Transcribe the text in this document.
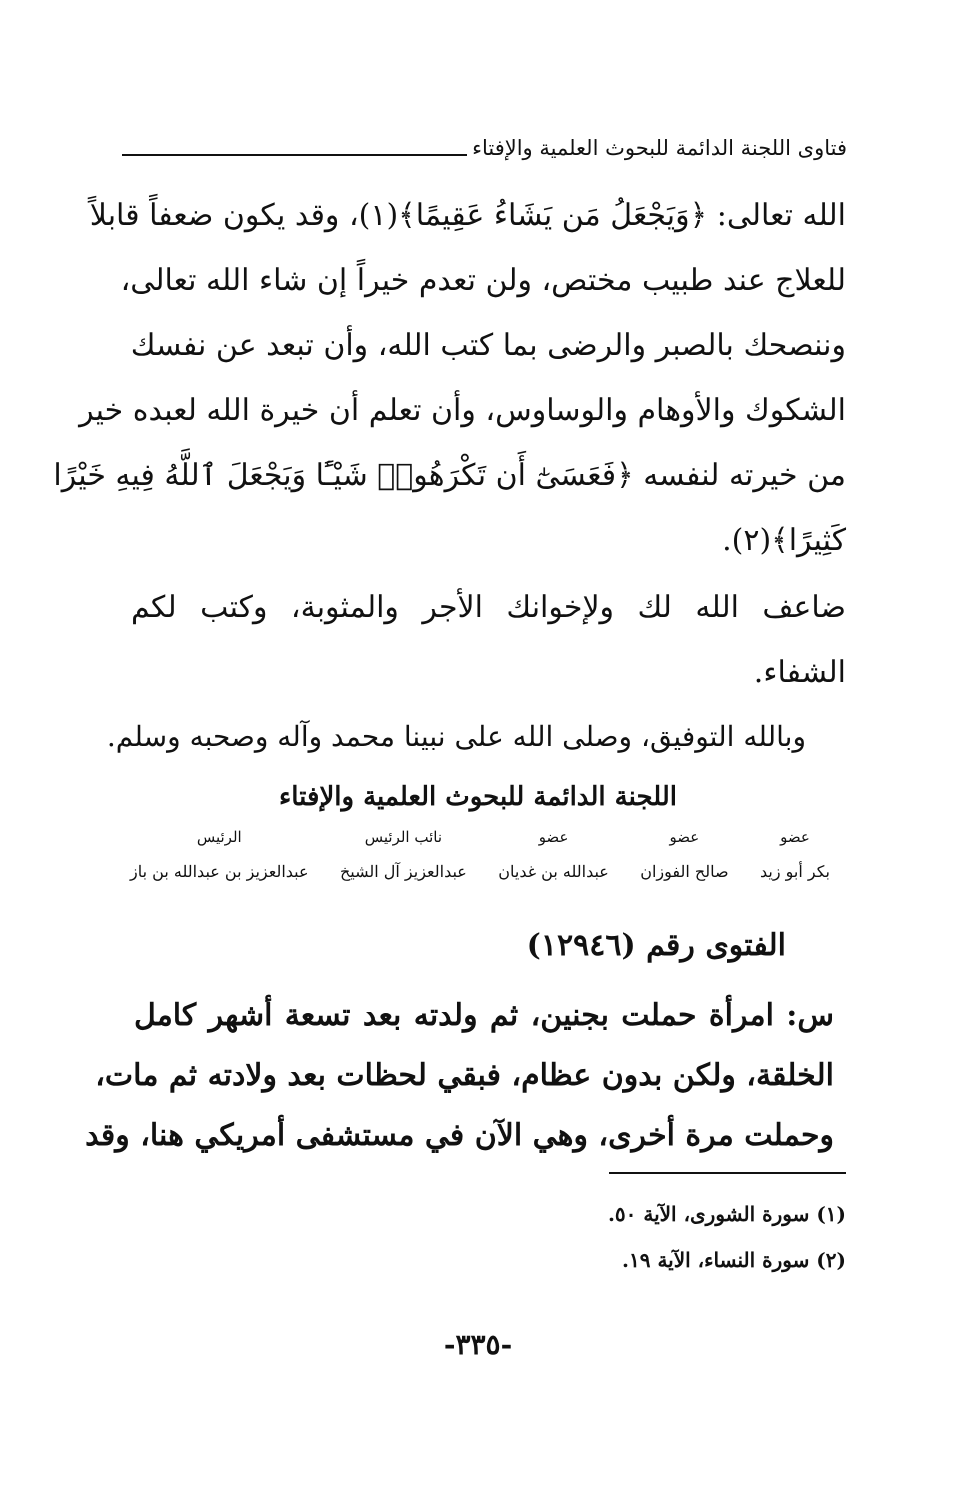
فتاوى اللجنة الدائمة للبحوث العلمية والإفتاء
الله تعالى: ﴿وَيَجْعَلُ مَن يَشَاءُ عَقِيمًا﴾(١)، وقد يكون ضعفاً قابلاً
للعلاج عند طبيب مختص، ولن تعدم خيراً إن شاء الله تعالى،
وننصحك بالصبر والرضى بما كتب الله، وأن تبعد عن نفسك
الشكوك والأوهام والوساوس، وأن تعلم أن خيرة الله لعبده خير
من خيرته لنفسه ﴿فَعَسَىٰٓ أَن تَكْرَهُوا۟ شَيْـًٔا وَيَجْعَلَ ٱللَّهُ فِيهِ خَيْرًا
كَثِيرًا﴾(٢).
ضاعف الله لك ولإخوانك الأجر والمثوبة، وكتب لكم
الشفاء.
وبالله التوفيق، وصلى الله على نبينا محمد وآله وصحبه وسلم.
اللجنة الدائمة للبحوث العلمية والإفتاء
عضو
بكر أبو زيد
عضو
صالح الفوزان
عضو
عبدالله بن غديان
نائب الرئيس
عبدالعزيز آل الشيخ
الرئيس
عبدالعزيز بن عبدالله بن باز
الفتوى رقم (١٢٩٤٦)
س: امرأة حملت بجنين، ثم ولدته بعد تسعة أشهر كامل
الخلقة، ولكن بدون عظام، فبقي لحظات بعد ولادته ثم مات،
وحملت مرة أخرى، وهي الآن في مستشفى أمريكي هنا، وقد
(١) سورة الشورى، الآية ٥٠.
(٢) سورة النساء، الآية ١٩.
-٣٣٥-
